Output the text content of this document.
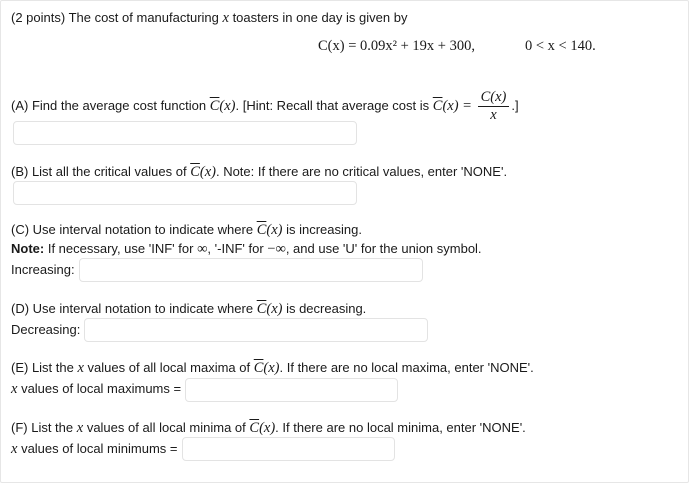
(2 points) The cost of manufacturing x toasters in one day is given by
C(x) = 0.09x² + 19x + 300,	0 < x < 140.
(A) Find the average cost function $\overline{C}(x)$. [Hint: Recall that average cost is $\overline{C}(x) = \frac{C(x)}{x}$ .]
(B) List all the critical values of $\overline{C}(x)$. Note: If there are no critical values, enter 'NONE'.
(C) Use interval notation to indicate where $\overline{C}(x)$ is increasing.
Note: If necessary, use 'INF' for ∞, '-INF' for −∞, and use 'U' for the union symbol.
Increasing:
(D) Use interval notation to indicate where $\overline{C}(x)$ is decreasing.
Decreasing:
(E) List the x values of all local maxima of $\overline{C}(x)$. If there are no local maxima, enter 'NONE'.
x values of local maximums =
(F) List the x values of all local minima of $\overline{C}(x)$. If there are no local minima, enter 'NONE'.
x values of local minimums =
